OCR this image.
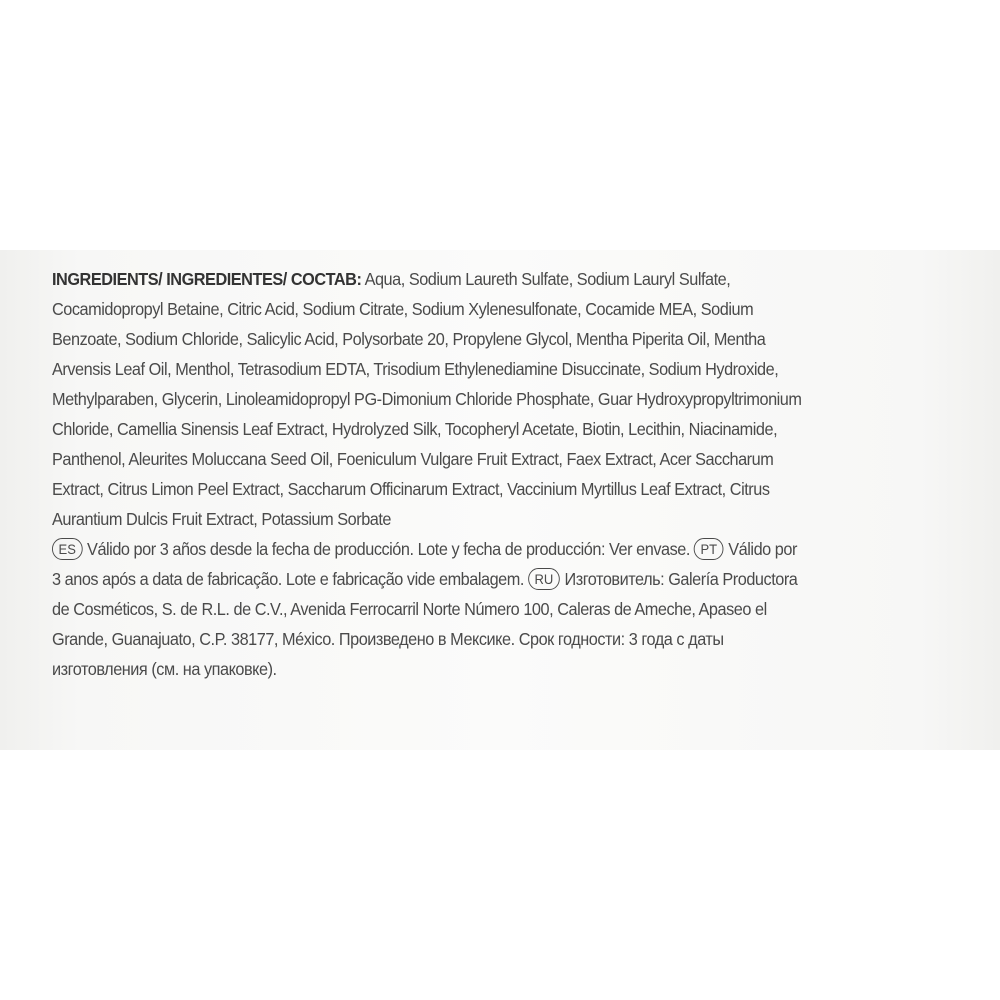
INGREDIENTS/ INGREDIENTES/ COCTAB: Aqua, Sodium Laureth Sulfate, Sodium Lauryl Sulfate,
Cocamidopropyl Betaine, Citric Acid, Sodium Citrate, Sodium Xylenesulfonate, Cocamide MEA, Sodium
Benzoate, Sodium Chloride, Salicylic Acid, Polysorbate 20, Propylene Glycol, Mentha Piperita Oil, Mentha
Arvensis Leaf Oil, Menthol, Tetrasodium EDTA, Trisodium Ethylenediamine Disuccinate, Sodium Hydroxide,
Methylparaben, Glycerin, Linoleamidopropyl PG-Dimonium Chloride Phosphate, Guar Hydroxypropyltrimonium
Chloride, Camellia Sinensis Leaf Extract, Hydrolyzed Silk, Tocopheryl Acetate, Biotin, Lecithin, Niacinamide,
Panthenol, Aleurites Moluccana Seed Oil, Foeniculum Vulgare Fruit Extract, Faex Extract, Acer Saccharum
Extract, Citrus Limon Peel Extract, Saccharum Officinarum Extract, Vaccinium Myrtillus Leaf Extract, Citrus
Aurantium Dulcis Fruit Extract, Potassium Sorbate
ES Válido por 3 años desde la fecha de producción. Lote y fecha de producción: Ver envase. PT Válido por
3 anos após a data de fabricação. Lote e fabricação vide embalagem. RU Изготовитель: Galería Productora
de Cosméticos, S. de R.L. de C.V., Avenida Ferrocarril Norte Número 100, Caleras de Ameche, Apaseo el
Grande, Guanajuato, C.P. 38177, México. Произведено в Мексике. Срок годности: 3 года с даты
изготовления (см. на упаковке).
